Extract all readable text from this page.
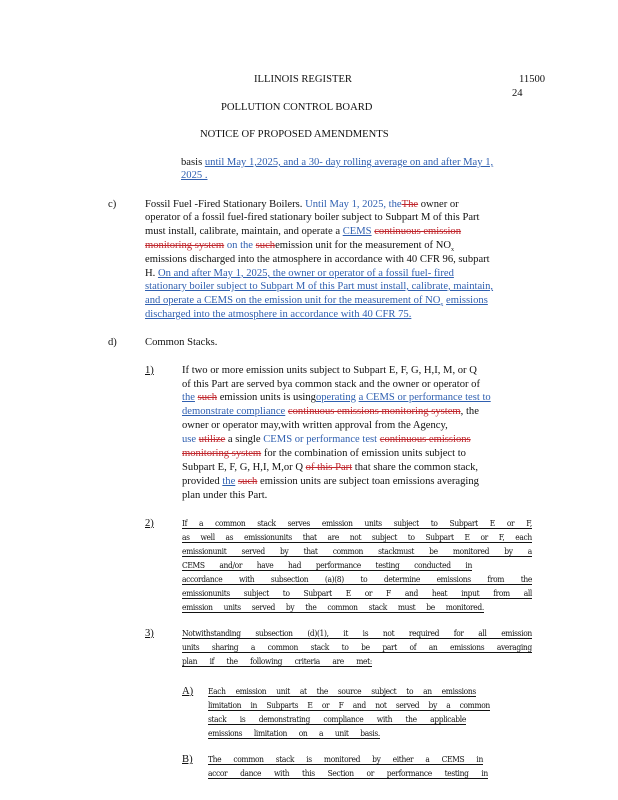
ILLINOIS REGISTER	11500
24
POLLUTION CONTROL BOARD
NOTICE OF PROPOSED AMENDMENTS
basis until May 1,2025, and a 30- day rolling average on and after May 1,
2025 .
c)	Fossil Fuel -Fired Stationary Boilers. Until May 1, 2025, theThe owner or
operator of a fossil fuel-fired stationary boiler subject to Subpart M of this Part
must install, calibrate, maintain, and operate a CEMS continuous emission
monitoring system on the suchemission unit for the measurement of $NO_x$
emissions discharged into the atmosphere in accordance with 40 CFR 96, subpart
H. On and after May 1, 2025, the owner or operator of a fossil fuel- fired
stationary boiler subject to Subpart M of this Part must install, calibrate, maintain,
and operate a CEMS on the emission unit for the measurement of $NO_x$ emissions
discharged into the atmosphere in accordance with 40 CFR 75.
d)	Common Stacks.
1)	If two or more emission units subject to Subpart E, F, G, H,I, M, or Q
of this Part are served bya common stack and the owner or operator of
the such emission units is usingoperating a CEMS or performance test to
demonstrate compliance continuous emissions monitoring system, the
owner or operator may,with written approval from the Agency,
use utilize a single CEMS or performance test continuous emissions
monitoring system for the combination of emission units subject to
Subpart E, F, G, H,I, M,or Q of this Part that share the common stack,
provided the such emission units are subject toan emissions averaging
plan under this Part.
2)	If a common stack serves emission units subject to Subpart E or F,
as well as emissionunits that are not subject to Subpart E or F, each
emissionunit served by that common stackmust be monitored by a
CEMS and/or have had performance testing conducted in
accordance with subsection (a)(8) to determine emissions from the
emissionunits subject to Subpart E or F and heat input from all
emission units served by the common stack must be monitored.
3)	Notwithstanding subsection (d)(1), it is not required for all emission
units sharing a common stack to be part of an emissions averaging
plan if the following criteria are met:
A) Each emission unit at the source subject to an emissions
limitation in Subparts E or F and not served by a common
stack is demonstrating compliance with the applicable
emissions limitation on a unit basis.
B) The common stack is monitored by either a CEMS in
accor dance with this Section or performance testing in
